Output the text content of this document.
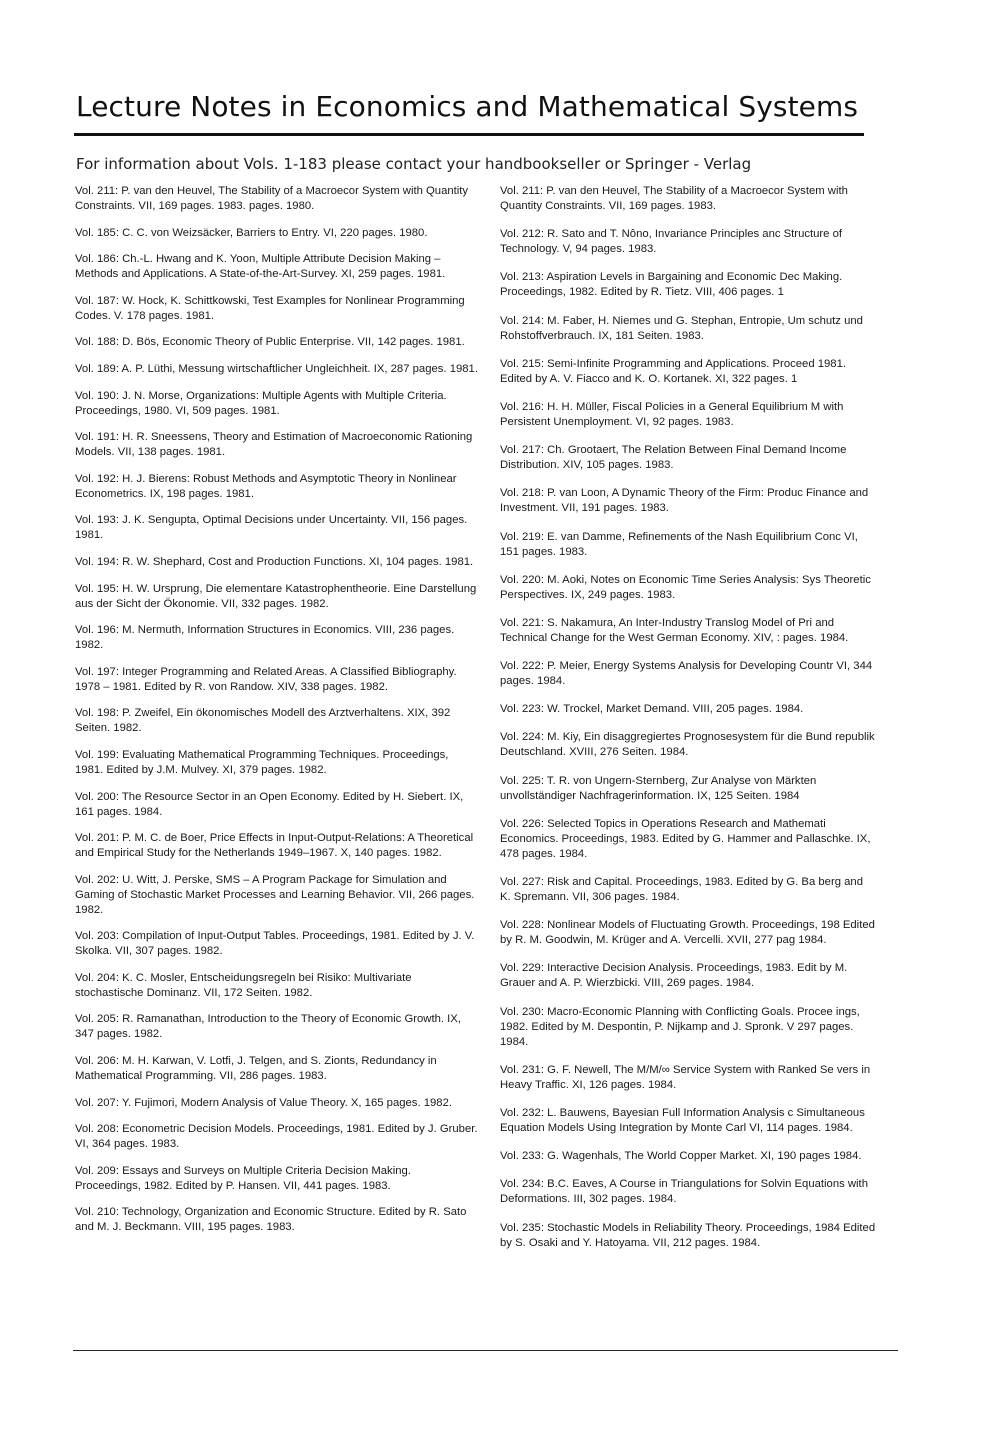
Lecture Notes in Economics and Mathematical Systems

For information about Vols. 1-183 please contact your handbookseller or Springer - Verlag

Vol. 211: P. van den Heuvel, The Stability of a Macroecor System with Quantity Constraints. VII, 169 pages. 1983. pages. 1980.

Vol. 185: C. C. von Weizsäcker, Barriers to Entry. VI, 220 pages. 1980.

Vol. 186: Ch.-L. Hwang and K. Yoon, Multiple Attribute Decision Making – Methods and Applications. A State-of-the-Art-Survey. XI, 259 pages. 1981.

Vol. 187: W. Hock, K. Schittkowski, Test Examples for Nonlinear Programming Codes. V. 178 pages. 1981.

Vol. 188: D. Bös, Economic Theory of Public Enterprise. VII, 142 pages. 1981.

Vol. 189: A. P. Lüthi, Messung wirtschaftlicher Ungleichheit. IX, 287 pages. 1981.

Vol. 190: J. N. Morse, Organizations: Multiple Agents with Multiple Criteria. Proceedings, 1980. VI, 509 pages. 1981.

Vol. 191: H. R. Sneessens, Theory and Estimation of Macroeconomic Rationing Models. VII, 138 pages. 1981.

Vol. 192: H. J. Bierens: Robust Methods and Asymptotic Theory in Nonlinear Econometrics. IX, 198 pages. 1981.

Vol. 193: J. K. Sengupta, Optimal Decisions under Uncertainty. VII, 156 pages. 1981.

Vol. 194: R. W. Shephard, Cost and Production Functions. XI, 104 pages. 1981.

Vol. 195: H. W. Ursprung, Die elementare Katastrophentheorie. Eine Darstellung aus der Sicht der Ökonomie. VII, 332 pages. 1982.

Vol. 196: M. Nermuth, Information Structures in Economics. VIII, 236 pages. 1982.

Vol. 197: Integer Programming and Related Areas. A Classified Bibliography. 1978 – 1981. Edited by R. von Randow. XIV, 338 pages. 1982.

Vol. 198: P. Zweifel, Ein ökonomisches Modell des Arztverhaltens. XIX, 392 Seiten. 1982.

Vol. 199: Evaluating Mathematical Programming Techniques. Proceedings, 1981. Edited by J.M. Mulvey. XI, 379 pages. 1982.

Vol. 200: The Resource Sector in an Open Economy. Edited by H. Siebert. IX, 161 pages. 1984.

Vol. 201: P. M. C. de Boer, Price Effects in Input-Output-Relations: A Theoretical and Empirical Study for the Netherlands 1949–1967. X, 140 pages. 1982.

Vol. 202: U. Witt, J. Perske, SMS – A Program Package for Simulation and Gaming of Stochastic Market Processes and Learning Behavior. VII, 266 pages. 1982.

Vol. 203: Compilation of Input-Output Tables. Proceedings, 1981. Edited by J. V. Skolka. VII, 307 pages. 1982.

Vol. 204: K. C. Mosler, Entscheidungsregeln bei Risiko: Multivariate stochastische Dominanz. VII, 172 Seiten. 1982.

Vol. 205: R. Ramanathan, Introduction to the Theory of Economic Growth. IX, 347 pages. 1982.

Vol. 206: M. H. Karwan, V. Lotfi, J. Telgen, and S. Zionts, Redundancy in Mathematical Programming. VII, 286 pages. 1983.

Vol. 207: Y. Fujimori, Modern Analysis of Value Theory. X, 165 pages. 1982.

Vol. 208: Econometric Decision Models. Proceedings, 1981. Edited by J. Gruber. VI, 364 pages. 1983.

Vol. 209: Essays and Surveys on Multiple Criteria Decision Making. Proceedings, 1982. Edited by P. Hansen. VII, 441 pages. 1983.

Vol. 210: Technology, Organization and Economic Structure. Edited by R. Sato and M. J. Beckmann. VIII, 195 pages. 1983.

Vol. 211: P. van den Heuvel, The Stability of a Macroecor System with Quantity Constraints. VII, 169 pages. 1983.

Vol. 212: R. Sato and T. Nôno, Invariance Principles anc Structure of Technology. V, 94 pages. 1983.

Vol. 213: Aspiration Levels in Bargaining and Economic Dec Making. Proceedings, 1982. Edited by R. Tietz. VIII, 406 pages. 1

Vol. 214: M. Faber, H. Niemes und G. Stephan, Entropie, Um schutz und Rohstoffverbrauch. IX, 181 Seiten. 1983.

Vol. 215: Semi-Infinite Programming and Applications. Proceed 1981. Edited by A. V. Fiacco and K. O. Kortanek. XI, 322 pages. 1

Vol. 216: H. H. Müller, Fiscal Policies in a General Equilibrium M with Persistent Unemployment. VI, 92 pages. 1983.

Vol. 217: Ch. Grootaert, The Relation Between Final Demand Income Distribution. XIV, 105 pages. 1983.

Vol. 218: P. van Loon, A Dynamic Theory of the Firm: Produc Finance and Investment. VII, 191 pages. 1983.

Vol. 219: E. van Damme, Refinements of the Nash Equilibrium Conc VI, 151 pages. 1983.

Vol. 220: M. Aoki, Notes on Economic Time Series Analysis: Sys Theoretic Perspectives. IX, 249 pages. 1983.

Vol. 221: S. Nakamura, An Inter-Industry Translog Model of Pri and Technical Change for the West German Economy. XIV, : pages. 1984.

Vol. 222: P. Meier, Energy Systems Analysis for Developing Countr VI, 344 pages. 1984.

Vol. 223: W. Trockel, Market Demand. VIII, 205 pages. 1984.

Vol. 224: M. Kiy, Ein disaggregiertes Prognosesystem für die Bund republik Deutschland. XVIII, 276 Seiten. 1984.

Vol. 225: T. R. von Ungern-Sternberg, Zur Analyse von Märkten unvollständiger Nachfragerinformation. IX, 125 Seiten. 1984

Vol. 226: Selected Topics in Operations Research and Mathemati Economics. Proceedings, 1983. Edited by G. Hammer and Pallaschke. IX, 478 pages. 1984.

Vol. 227: Risk and Capital. Proceedings, 1983. Edited by G. Ba berg and K. Spremann. VII, 306 pages. 1984.

Vol. 228: Nonlinear Models of Fluctuating Growth. Proceedings, 198 Edited by R. M. Goodwin, M. Krüger and A. Vercelli. XVII, 277 pag 1984.

Vol. 229: Interactive Decision Analysis. Proceedings, 1983. Edit by M. Grauer and A. P. Wierzbicki. VIII, 269 pages. 1984.

Vol. 230: Macro-Economic Planning with Conflicting Goals. Procee ings, 1982. Edited by M. Despontin, P. Nijkamp and J. Spronk. V 297 pages. 1984.

Vol. 231: G. F. Newell, The M/M/∞ Service System with Ranked Se vers in Heavy Traffic. XI, 126 pages. 1984.

Vol. 232: L. Bauwens, Bayesian Full Information Analysis c Simultaneous Equation Models Using Integration by Monte Carl VI, 114 pages. 1984.

Vol. 233: G. Wagenhals, The World Copper Market. XI, 190 pages 1984.

Vol. 234: B.C. Eaves, A Course in Triangulations for Solvin Equations with Deformations. III, 302 pages. 1984.

Vol. 235: Stochastic Models in Reliability Theory. Proceedings, 1984 Edited by S. Osaki and Y. Hatoyama. VII, 212 pages. 1984.
